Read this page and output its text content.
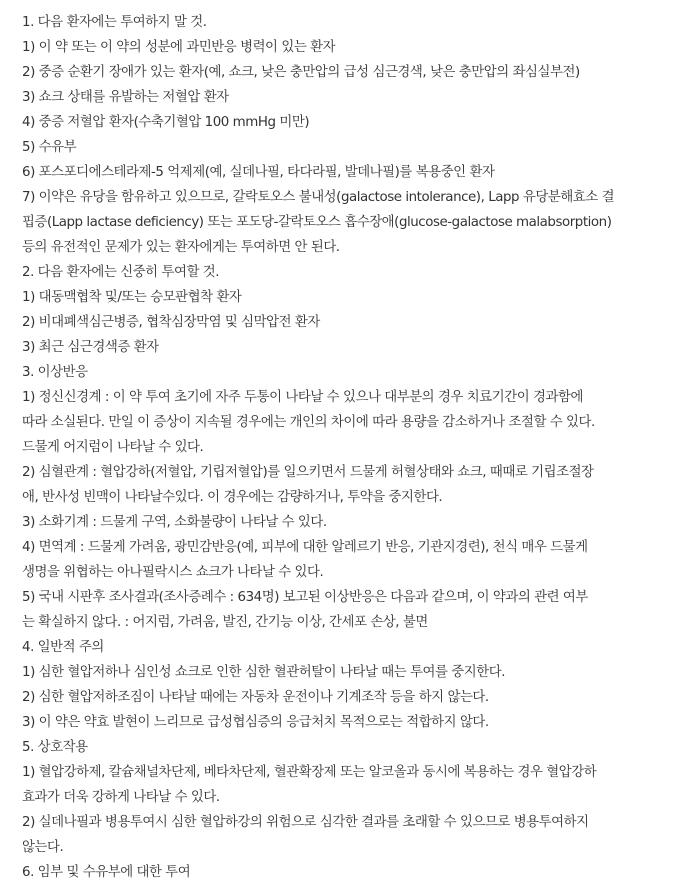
1. 다음 환자에는 투여하지 말 것.
1) 이 약 또는 이 약의 성분에 과민반응 병력이 있는 환자
2) 중증 순환기 장애가 있는 환자(예, 쇼크, 낮은 충만압의 급성 심근경색, 낮은 충만압의 좌심실부전)
3) 쇼크 상태를 유발하는 저혈압 환자
4) 중증 저혈압 환자(수축기혈압 100 mmHg 미만)
5) 수유부
6) 포스포디에스테라제-5 억제제(예, 실데나필, 타다라필, 발데나필)를 복용중인 환자
7) 이약은 유당을 함유하고 있으므로, 갈락토오스 불내성(galactose intolerance), Lapp 유당분해효소 결
핍증(Lapp lactase deficiency) 또는 포도당-갈락토오스 흡수장애(glucose-galactose malabsorption)
등의 유전적인 문제가 있는 환자에게는 투여하면 안 된다.
2. 다음 환자에는 신중히 투여할 것.
1) 대동맥협착 및/또는 승모판협착 환자
2) 비대폐색심근병증, 협착심장막염 및 심막압전 환자
3) 최근 심근경색증 환자
3. 이상반응
1) 정신신경계 : 이 약 투여 초기에 자주 두통이 나타날 수 있으나 대부분의 경우 치료기간이 경과함에
따라 소실된다. 만일 이 증상이 지속될 경우에는 개인의 차이에 따라 용량을 감소하거나 조절할 수 있다.
드물게 어지럼이 나타날 수 있다.
2) 심혈관계 : 혈압강하(저혈압, 기립저혈압)를 일으키면서 드물게 허혈상태와 쇼크, 때때로 기립조절장
애, 반사성 빈맥이 나타날수있다. 이 경우에는 감량하거나, 투약을 중지한다.
3) 소화기계 : 드물게 구역, 소화불량이 나타날 수 있다.
4) 면역계 : 드물게 가려움, 광민감반응(예, 피부에 대한 알레르기 반응, 기관지경련), 천식 매우 드물게
생명을 위협하는 아나필락시스 쇼크가 나타날 수 있다.
5) 국내 시판후 조사결과(조사증례수 : 634명) 보고된 이상반응은 다음과 같으며, 이 약과의 관련 여부
는 확실하지 않다. : 어지럼, 가려움, 발진, 간기능 이상, 간세포 손상, 불면
4. 일반적 주의
1) 심한 혈압저하나 심인성 쇼크로 인한 심한 혈관허탈이 나타날 때는 투여를 중지한다.
2) 심한 혈압저하조짐이 나타날 때에는 자동차 운전이나 기계조작 등을 하지 않는다.
3) 이 약은 약효 발현이 느리므로 급성협심증의 응급처치 목적으로는 적합하지 않다.
5. 상호작용
1) 혈압강하제, 칼슘채널차단제, 베타차단제, 혈관확장제 또는 알코올과 동시에 복용하는 경우 혈압강하
효과가 더욱 강하게 나타날 수 있다.
2) 실데나필과 병용투여시 심한 혈압하강의 위험으로 심각한 결과를 초래할 수 있으므로 병용투여하지
않는다.
6. 임부 및 수유부에 대한 투여
